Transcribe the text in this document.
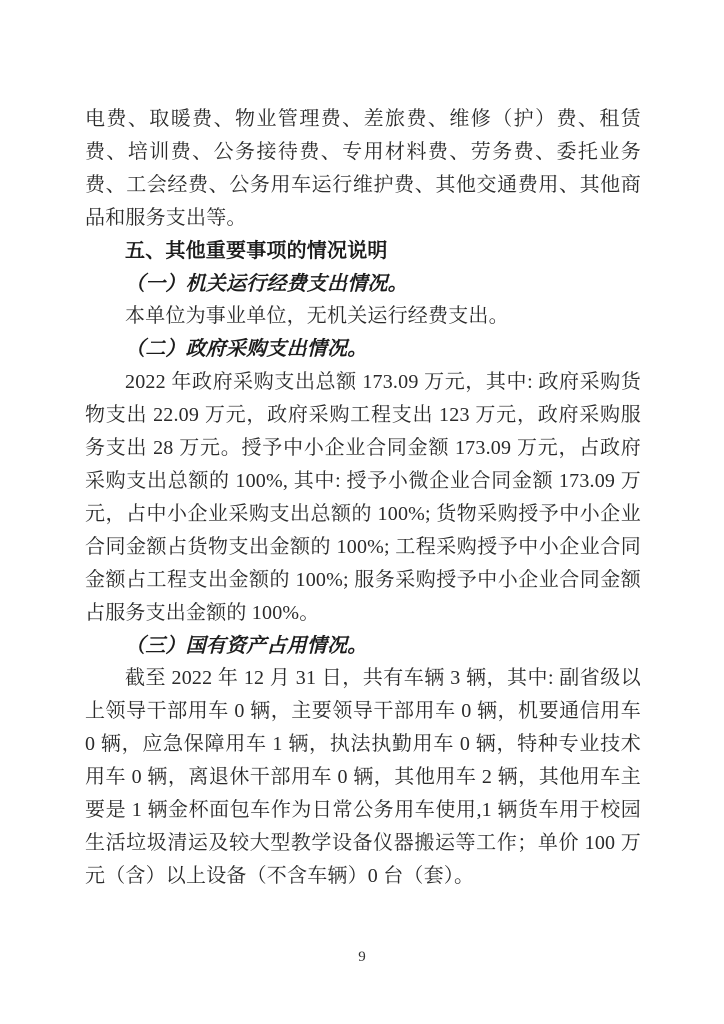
电费、取暖费、物业管理费、差旅费、维修（护）费、租赁费、培训费、公务接待费、专用材料费、劳务费、委托业务费、工会经费、公务用车运行维护费、其他交通费用、其他商品和服务支出等。

五、其他重要事项的情况说明
（一）机关运行经费支出情况。

本单位为事业单位，无机关运行经费支出。

（二）政府采购支出情况。

2022 年政府采购支出总额 173.09 万元，其中: 政府采购货物支出 22.09 万元，政府采购工程支出 123 万元，政府采购服务支出 28 万元。授予中小企业合同金额 173.09 万元，占政府采购支出总额的 100%, 其中: 授予小微企业合同金额 173.09 万元，占中小企业采购支出总额的 100%; 货物采购授予中小企业合同金额占货物支出金额的 100%; 工程采购授予中小企业合同金额占工程支出金额的 100%; 服务采购授予中小企业合同金额占服务支出金额的 100%。

（三）国有资产占用情况。

截至 2022 年 12 月 31 日，共有车辆 3 辆，其中: 副省级以上领导干部用车 0 辆，主要领导干部用车 0 辆，机要通信用车 0 辆，应急保障用车 1 辆，执法执勤用车 0 辆，特种专业技术用车 0 辆，离退休干部用车 0 辆，其他用车 2 辆，其他用车主要是 1 辆金杯面包车作为日常公务用车使用,1 辆货车用于校园生活垃圾清运及较大型教学设备仪器搬运等工作；单价 100 万元（含）以上设备（不含车辆）0 台（套）。

9
